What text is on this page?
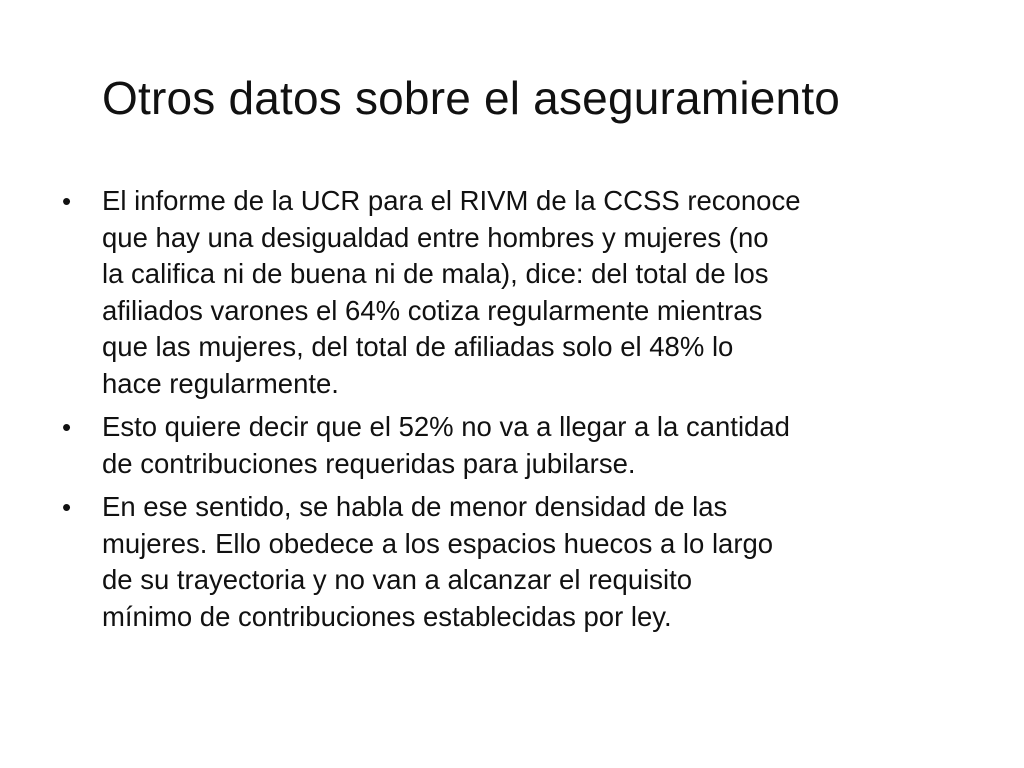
Otros datos sobre el aseguramiento
•	El informe de la UCR para el RIVM de la CCSS reconoce
que hay una desigualdad entre hombres y mujeres (no
la califica ni de buena ni de mala), dice: del total de los
afiliados varones el 64% cotiza regularmente mientras
que las mujeres, del total de afiliadas solo el 48% lo
hace regularmente.
•	Esto quiere decir que el 52% no va a llegar a la cantidad
de contribuciones requeridas para jubilarse.
•	En ese sentido, se habla de menor densidad de las
mujeres. Ello obedece a los espacios huecos a lo largo
de su trayectoria y no van a alcanzar el requisito
mínimo de contribuciones establecidas por ley.
